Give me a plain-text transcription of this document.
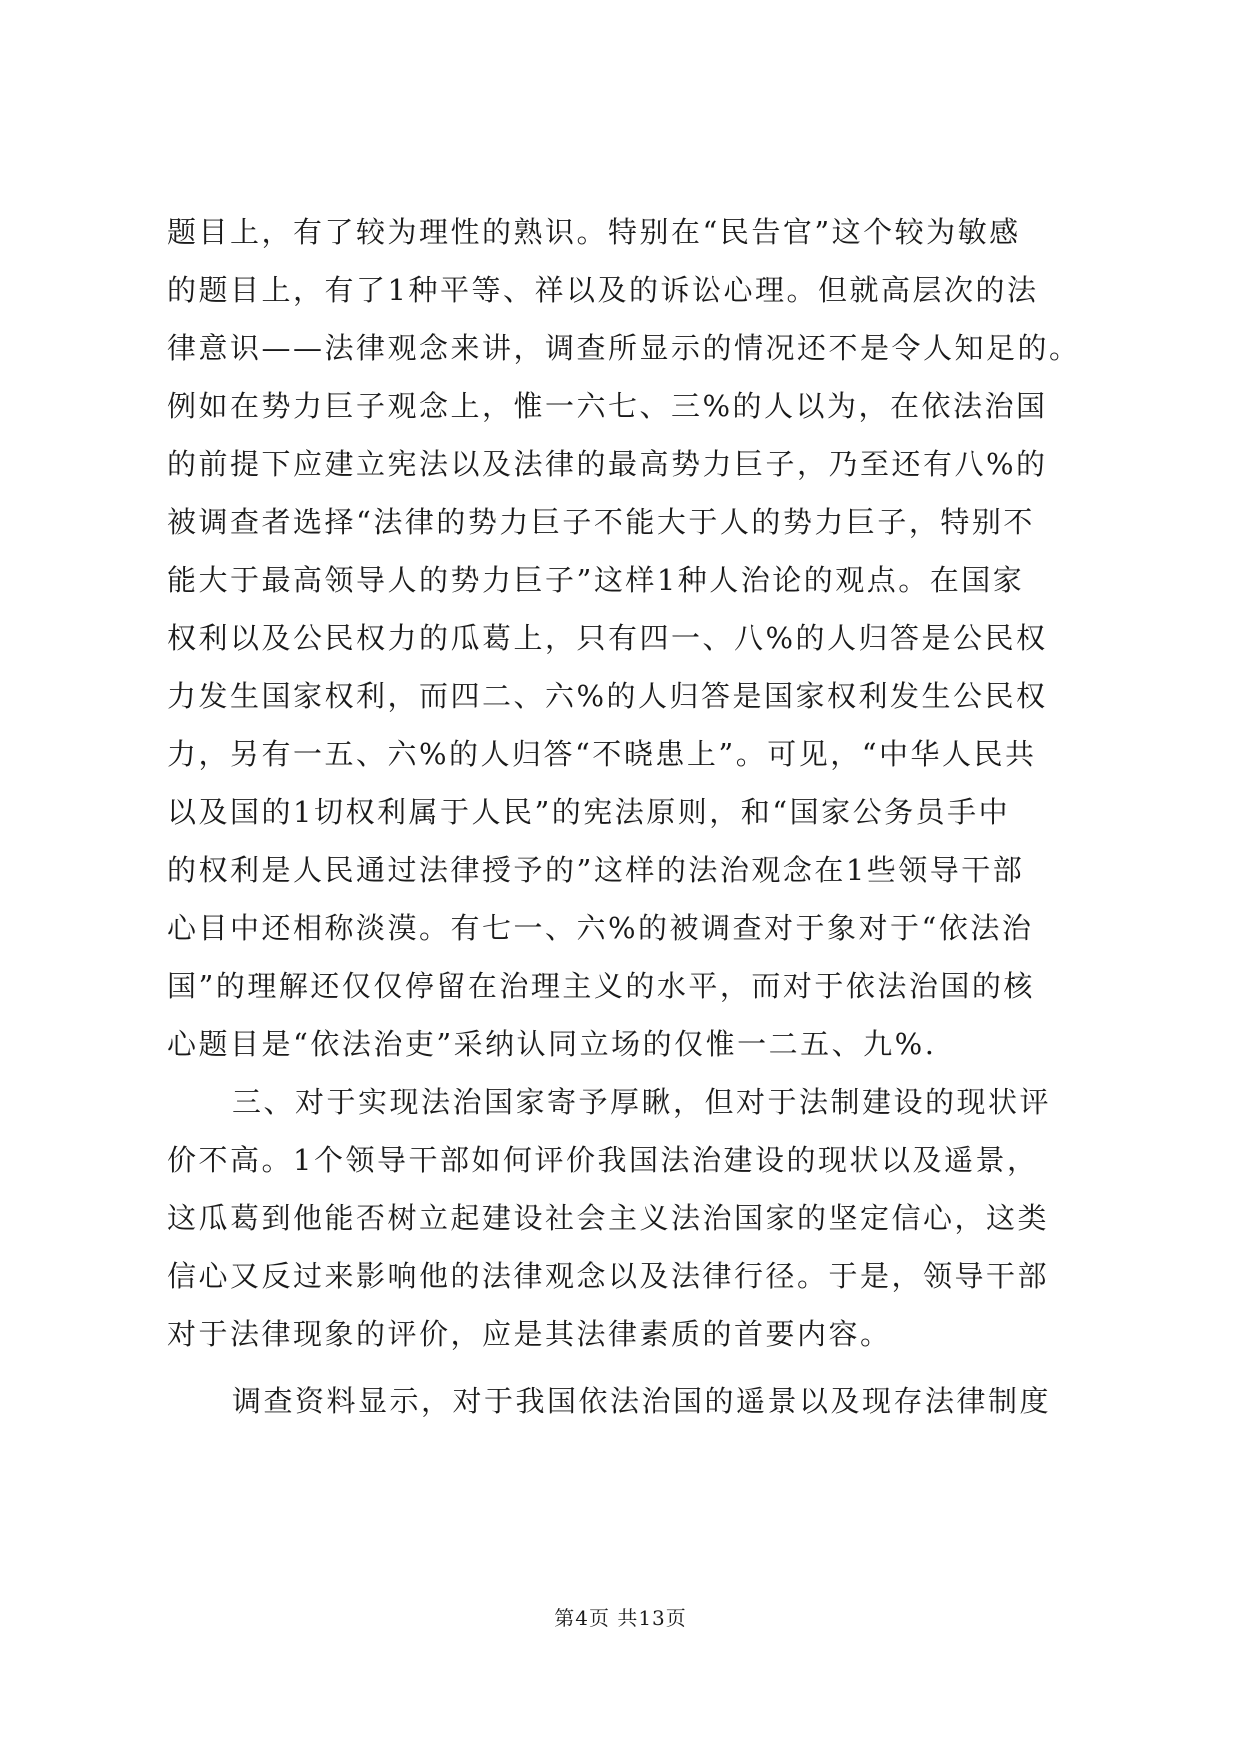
题目上，有了较为理性的熟识。特别在“民告官”这个较为敏感
的题目上，有了1种平等、祥以及的诉讼心理。但就高层次的法
律意识——法律观念来讲，调查所显示的情况还不是令人知足的。
例如在势力巨子观念上，惟一六七、三%的人以为，在依法治国
的前提下应建立宪法以及法律的最高势力巨子，乃至还有八%的
被调查者选择“法律的势力巨子不能大于人的势力巨子，特别不
能大于最高领导人的势力巨子”这样1种人治论的观点。在国家
权利以及公民权力的瓜葛上，只有四一、八%的人归答是公民权
力发生国家权利，而四二、六%的人归答是国家权利发生公民权
力，另有一五、六%的人归答“不晓患上”。可见，“中华人民共
以及国的1切权利属于人民”的宪法原则，和“国家公务员手中
的权利是人民通过法律授予的”这样的法治观念在1些领导干部
心目中还相称淡漠。有七一、六%的被调查对于象对于“依法治
国”的理解还仅仅停留在治理主义的水平，而对于依法治国的核
心题目是“依法治吏”采纳认同立场的仅惟一二五、九%.
三、对于实现法治国家寄予厚瞅，但对于法制建设的现状评
价不高。1个领导干部如何评价我国法治建设的现状以及遥景，
这瓜葛到他能否树立起建设社会主义法治国家的坚定信心，这类
信心又反过来影响他的法律观念以及法律行径。于是，领导干部
对于法律现象的评价，应是其法律素质的首要内容。
调查资料显示，对于我国依法治国的遥景以及现存法律制度
第4页 共13页
